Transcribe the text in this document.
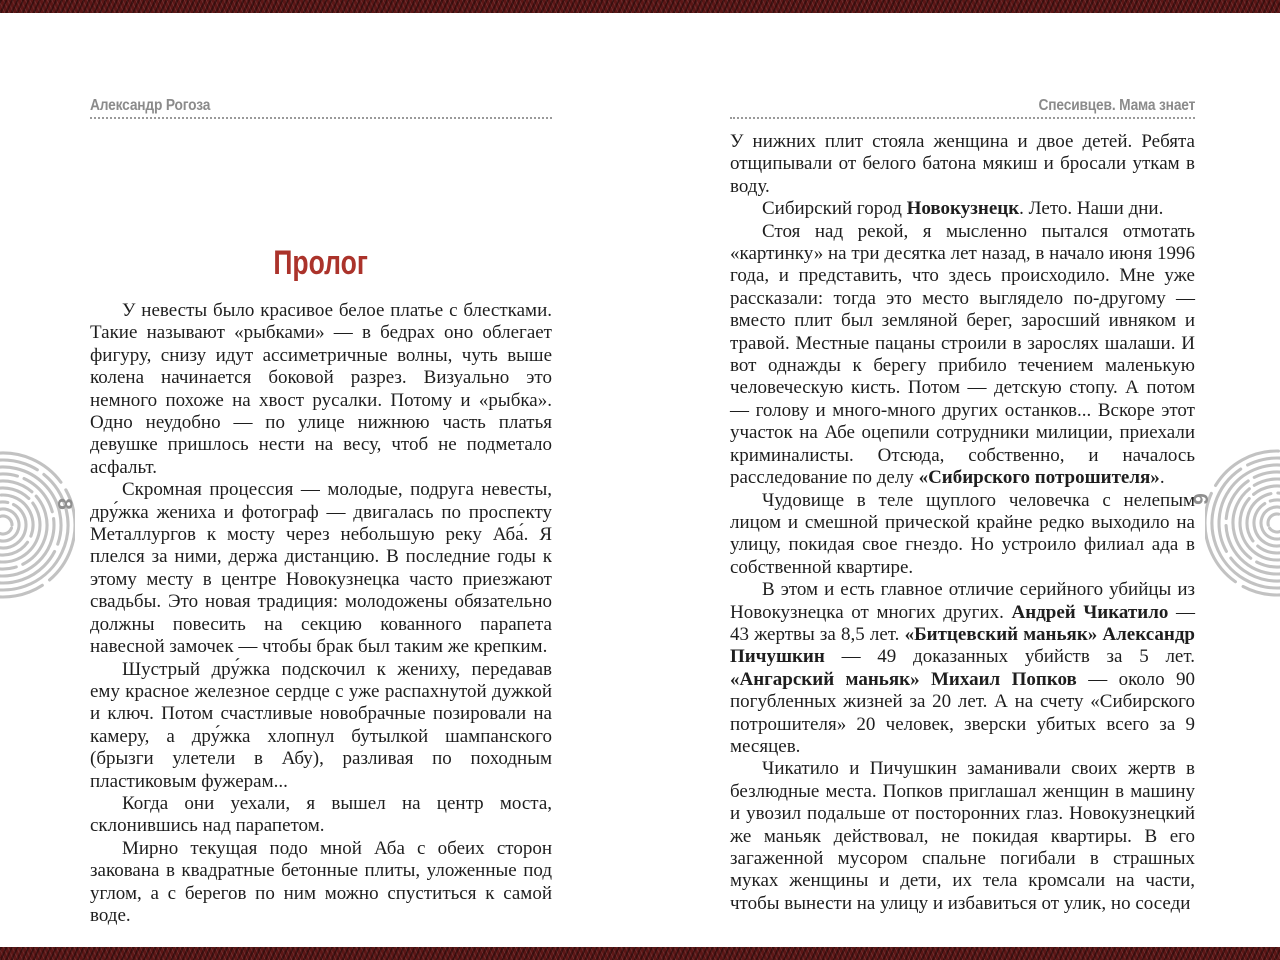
Александр Рогоза	Спесивцев. Мама знает
Пролог

У невесты было красивое белое платье с блестками. Такие называют «рыбками» — в бедрах оно облегает фигуру, снизу идут ассиметричные волны, чуть выше колена начинается боковой разрез. Визуально это немного похоже на хвост русалки. Потому и «рыбка». Одно неудобно — по улице нижнюю часть платья девушке пришлось нести на весу, чтоб не подметало асфальт.

Скромная процессия — молодые, подруга невесты, дру́жка жениха и фотограф — двигалась по проспекту Металлургов к мосту через небольшую реку Аба́. Я плелся за ними, держа дистанцию. В последние годы к этому месту в центре Новокузнецка часто приезжают свадьбы. Это новая традиция: молодожены обязательно должны повесить на секцию кованного парапета навесной замочек — чтобы брак был таким же крепким.

Шустрый дру́жка подскочил к жениху, передавав ему красное железное сердце с уже распахнутой дужкой и ключ. Потом счастливые новобрачные позировали на камеру, а дру́жка хлопнул бутылкой шампанского (брызги улетели в Абу), разливая по походным пластиковым фужерам...

Когда они уехали, я вышел на центр моста, склонившись над парапетом.

Мирно текущая подо мной Аба с обеих сторон закована в квадратные бетонные плиты, уложенные под углом, а с берегов по ним можно спуститься к самой воде.

У нижних плит стояла женщина и двое детей. Ребята отщипывали от белого батона мякиш и бросали уткам в воду.

Сибирский город Новокузнецк. Лето. Наши дни.

Стоя над рекой, я мысленно пытался отмотать «картинку» на три десятка лет назад, в начало июня 1996 года, и представить, что здесь происходило. Мне уже рассказали: тогда это место выглядело по-другому — вместо плит был земляной берег, заросший ивняком и травой. Местные пацаны строили в зарослях шалаши. И вот однажды к берегу прибило течением маленькую человеческую кисть. Потом — детскую стопу. А потом — голову и много-много других останков... Вскоре этот участок на Абе оцепили сотрудники милиции, приехали криминалисты. Отсюда, собственно, и началось расследование по делу «Сибирского потрошителя».

Чудовище в теле щуплого человечка с нелепым лицом и смешной прической крайне редко выходило на улицу, покидая свое гнездо. Но устроило филиал ада в собственной квартире.

В этом и есть главное отличие серийного убийцы из Новокузнецка от многих других. Андрей Чикатило — 43 жертвы за 8,5 лет. «Битцевский маньяк» Александр Пичушкин — 49 доказанных убийств за 5 лет. «Ангарский маньяк» Михаил Попков — около 90 погубленных жизней за 20 лет. А на счету «Сибирского потрошителя» 20 человек, зверски убитых всего за 9 месяцев.

Чикатило и Пичушкин заманивали своих жертв в безлюдные места. Попков приглашал женщин в машину и увозил подальше от посторонних глаз. Новокузнецкий же маньяк действовал, не покидая квартиры. В его загаженной мусором спальне погибали в страшных муках женщины и дети, их тела кромсали на части, чтобы вынести на улицу и избавиться от улик, но соседи

8	9
